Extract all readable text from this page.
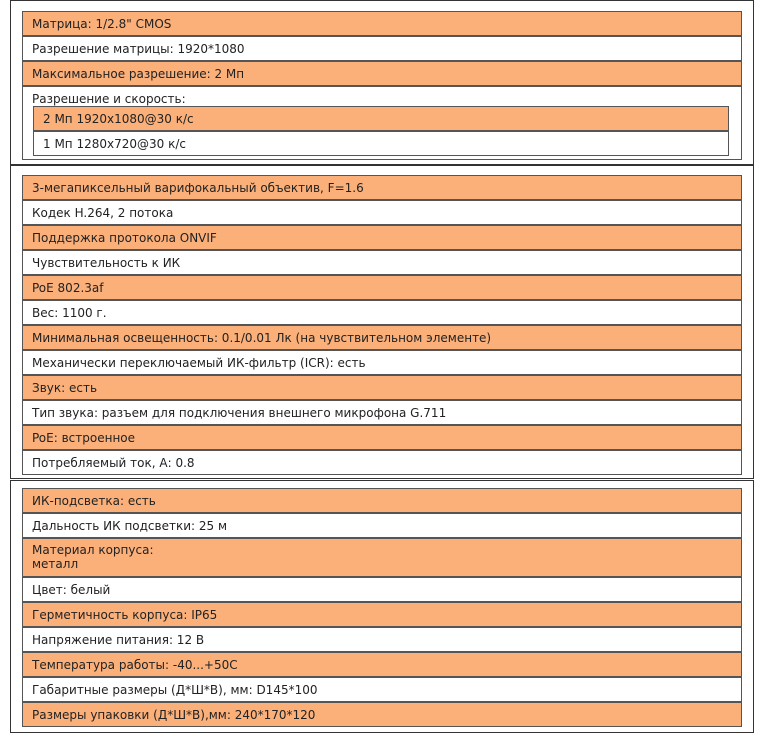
Матрица: 1/2.8" CMOS
Разрешение матрицы: 1920*1080
Максимальное разрешение: 2 Мп
Разрешение и скорость:
2 Мп 1920x1080@30 к/с
1 Мп 1280x720@30 к/с
3-мегапиксельный варифокальный объектив, F=1.6
Кодек H.264, 2 потока
Поддержка протокола ONVIF
Чувствительность к ИК
PoE 802.3af
Вес: 1100 г.
Минимальная освещенность: 0.1/0.01 Лк (на чувствительном элементе)
Механически переключаемый ИК-фильтр (ICR): есть
Звук: есть
Тип звука: разъем для подключения внешнего микрофона G.711
PoE: встроенное
Потребляемый ток, А: 0.8
ИК-подсветка: есть
Дальность ИК подсветки: 25 м
Материал корпуса:
металл
Цвет: белый
Герметичность корпуса: IP65
Напряжение питания: 12 В
Температура работы: -40...+50С
Габаритные размеры (Д*Ш*В), мм: D145*100
Размеры упаковки (Д*Ш*В),мм: 240*170*120
